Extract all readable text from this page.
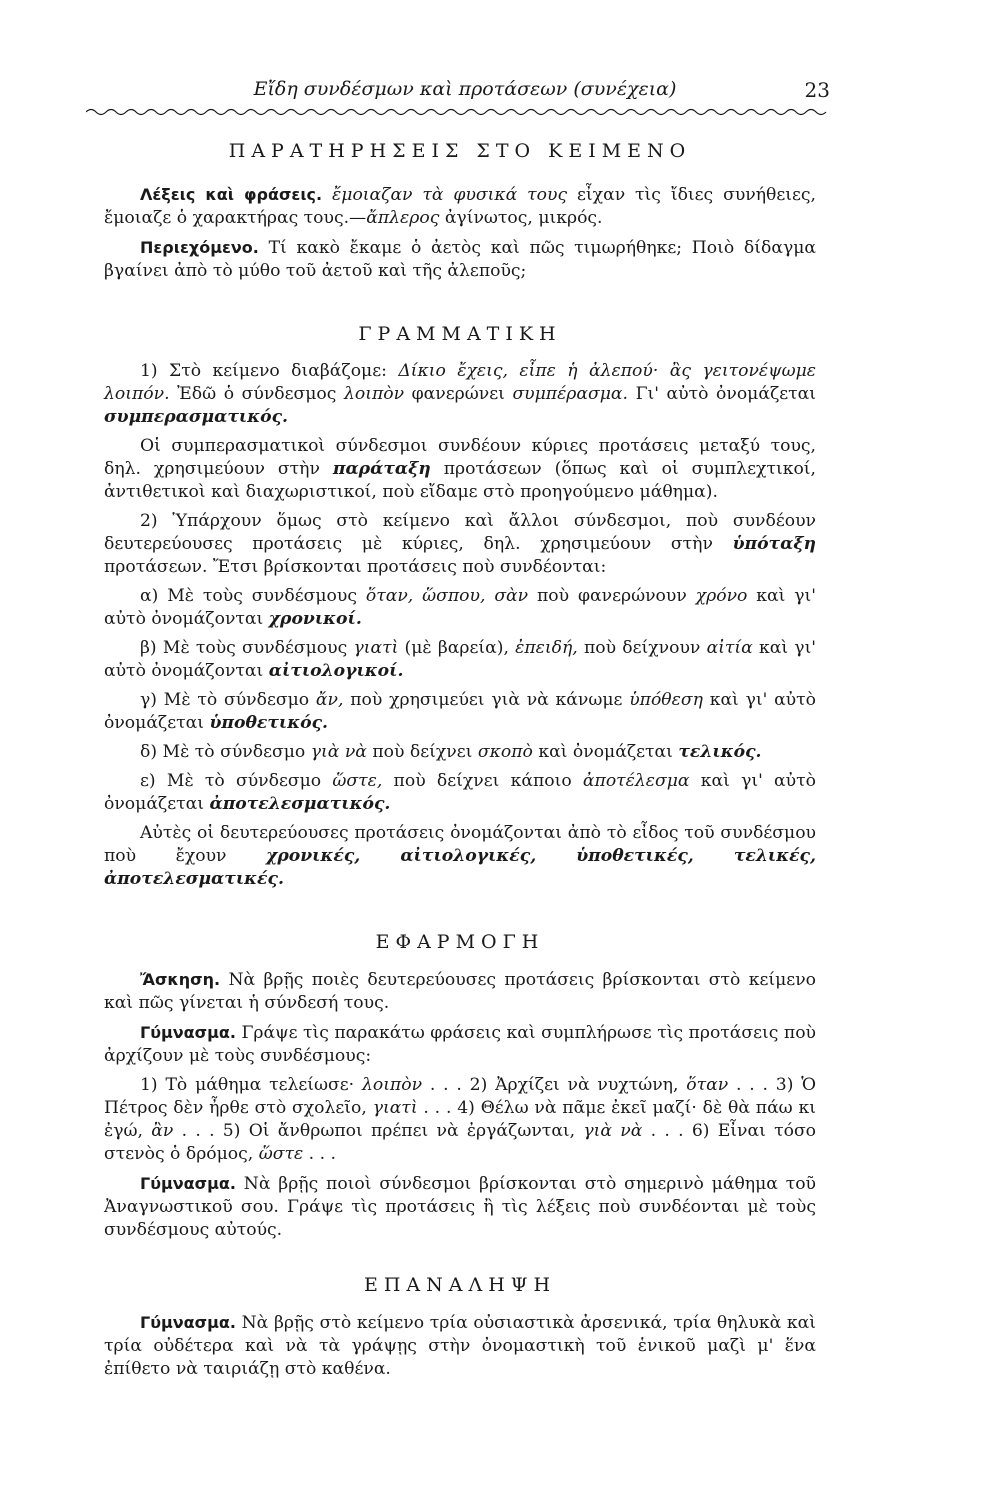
Εἴδη συνδέσμων καὶ προτάσεων (συνέχεια)	23
ΠΑΡΑΤΗΡΗΣΕΙΣ ΣΤΟ ΚΕΙΜΕΝΟ

Λέξεις καὶ φράσεις. ἔμοιαζαν τὰ φυσικά τους εἶχαν τὶς ἴδιες συνήθειες, ἔμοιαζε ὁ χαρακτήρας τους.—ἄπλερος ἀγίνωτος, μικρός.

Περιεχόμενο. Τί κακὸ ἔκαμε ὁ ἀετὸς καὶ πῶς τιμωρήθηκε; Ποιὸ δίδαγμα βγαίνει ἀπὸ τὸ μύθο τοῦ ἀετοῦ καὶ τῆς ἀλεποῦς;

ΓΡΑΜΜΑΤΙΚΗ

1) Στὸ κείμενο διαβάζομε: Δίκιο ἔχεις, εἶπε ἡ ἀλεπού· ἂς γειτονέψωμε λοιπόν. Ἐδῶ ὁ σύνδεσμος λοιπὸν φανερώνει συμπέρασμα. Γι' αὐτὸ ὀνομάζεται συμπερασματικός.

Οἱ συμπερασματικοὶ σύνδεσμοι συνδέουν κύριες προτάσεις μεταξύ τους, δηλ. χρησιμεύουν στὴν παράταξη προτάσεων (ὅπως καὶ οἱ συμπλεχτικοί, ἀντιθετικοὶ καὶ διαχωριστικοί, ποὺ εἴδαμε στὸ προηγούμενο μάθημα).

2) Ὑπάρχουν ὅμως στὸ κείμενο καὶ ἄλλοι σύνδεσμοι, ποὺ συνδέουν δευτερεύουσες προτάσεις μὲ κύριες, δηλ. χρησιμεύουν στὴν ὑπόταξη προτάσεων. Ἔτσι βρίσκονται προτάσεις ποὺ συνδέονται:

α) Μὲ τοὺς συνδέσμους ὅταν, ὥσπου, σὰν ποὺ φανερώνουν χρόνο καὶ γι' αὐτὸ ὀνομάζονται χρονικοί.

β) Μὲ τοὺς συνδέσμους γιατὶ (μὲ βαρεία), ἐπειδή, ποὺ δείχνουν αἰτία καὶ γι' αὐτὸ ὀνομάζονται αἰτιολογικοί.

γ) Μὲ τὸ σύνδεσμο ἄν, ποὺ χρησιμεύει γιὰ νὰ κάνωμε ὑπόθεση καὶ γι' αὐτὸ ὀνομάζεται ὑποθετικός.

δ) Μὲ τὸ σύνδεσμο γιὰ νὰ ποὺ δείχνει σκοπὸ καὶ ὀνομάζεται τελικός.

ε) Μὲ τὸ σύνδεσμο ὥστε, ποὺ δείχνει κάποιο ἀποτέλεσμα καὶ γι' αὐτὸ ὀνομάζεται ἀποτελεσματικός.

Αὐτὲς οἱ δευτερεύουσες προτάσεις ὀνομάζονται ἀπὸ τὸ εἶδος τοῦ συνδέσμου ποὺ ἔχουν χρονικές, αἰτιολογικές, ὑποθετικές, τελικές, ἀποτελεσματικές.

ΕΦΑΡΜΟΓΗ

Ἄσκηση. Νὰ βρῇς ποιὲς δευτερεύουσες προτάσεις βρίσκονται στὸ κείμενο καὶ πῶς γίνεται ἡ σύνδεσή τους.

Γύμνασμα. Γράψε τὶς παρακάτω φράσεις καὶ συμπλήρωσε τὶς προτάσεις ποὺ ἀρχίζουν μὲ τοὺς συνδέσμους:

1) Τὸ μάθημα τελείωσε· λοιπὸν . . . 2) Ἀρχίζει νὰ νυχτώνη, ὅταν . . . 3) Ὁ Πέτρος δὲν ἦρθε στὸ σχολεῖο, γιατὶ . . . 4) Θέλω νὰ πᾶμε ἐκεῖ μαζί· δὲ θὰ πάω κι ἐγώ, ἂν . . . 5) Οἱ ἄνθρωποι πρέπει νὰ ἐργάζωνται, γιὰ νὰ . . . 6) Εἶναι τόσο στενὸς ὁ δρόμος, ὥστε . . .

Γύμνασμα. Νὰ βρῇς ποιοὶ σύνδεσμοι βρίσκονται στὸ σημερινὸ μάθημα τοῦ Ἀναγνωστικοῦ σου. Γράψε τὶς προτάσεις ἢ τὶς λέξεις ποὺ συνδέονται μὲ τοὺς συνδέσμους αὐτούς.

ΕΠΑΝΑΛΗΨΗ

Γύμνασμα. Νὰ βρῇς στὸ κείμενο τρία οὐσιαστικὰ ἀρσενικά, τρία θηλυκὰ καὶ τρία οὐδέτερα καὶ νὰ τὰ γράψῃς στὴν ὀνομαστικὴ τοῦ ἑνικοῦ μαζὶ μ' ἕνα ἐπίθετο νὰ ταιριάζῃ στὸ καθένα.
